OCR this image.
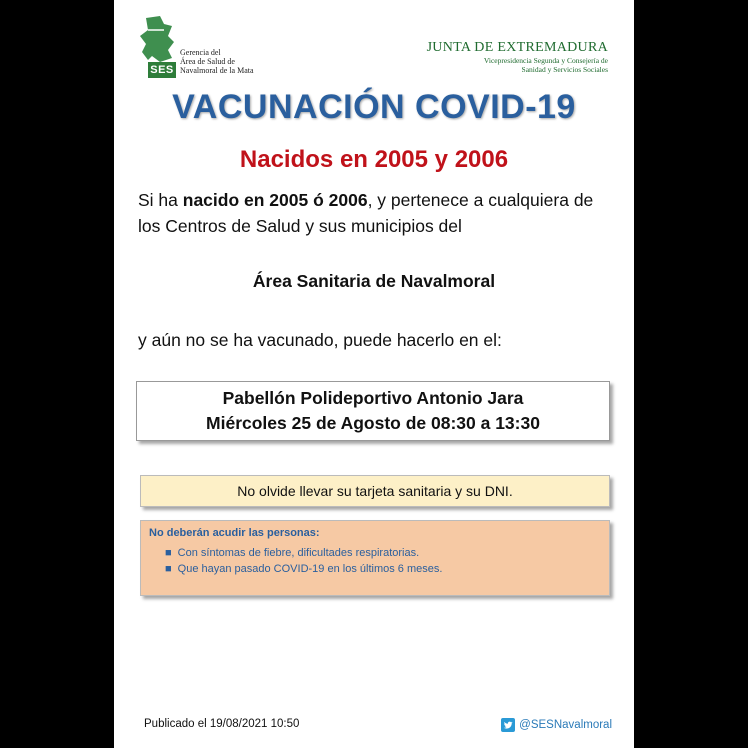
SES
Gerencia del
Área de Salud de
Navalmoral de la Mata
JUNTA DE EXTREMADURA
Vicepresidencia Segunda y Consejería de
Sanidad y Servicios Sociales
VACUNACIÓN COVID-19
Nacidos en 2005 y 2006
Si ha nacido en 2005 ó 2006, y pertenece a cualquiera de los Centros de Salud y sus municipios del
Área Sanitaria de Navalmoral
y aún no se ha vacunado, puede hacerlo en el:
Pabellón Polideportivo Antonio Jara
Miércoles 25 de Agosto de 08:30 a 13:30
No olvide llevar su tarjeta sanitaria y su DNI.
No deberán acudir las personas:
■ Con síntomas de fiebre, dificultades respiratorias.
■ Que hayan pasado COVID-19 en los últimos 6 meses.
Publicado el 19/08/2021 10:50	@SESNavalmoral
